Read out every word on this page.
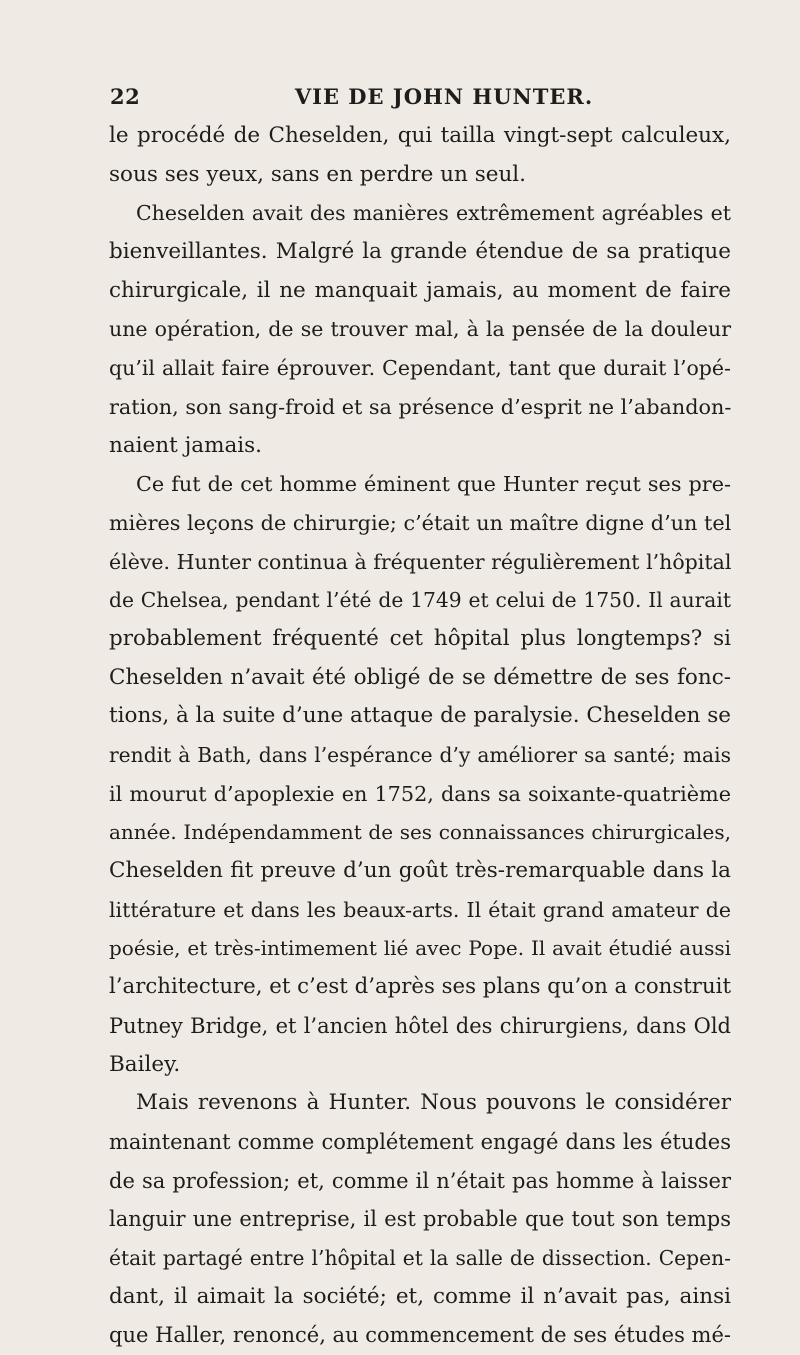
22	VIE DE JOHN HUNTER.
le procédé de Cheselden, qui tailla vingt-sept calculeux,
sous ses yeux, sans en perdre un seul.
Cheselden avait des manières extrêmement agréables et
bienveillantes. Malgré la grande étendue de sa pratique
chirurgicale, il ne manquait jamais, au moment de faire
une opération, de se trouver mal, à la pensée de la douleur
qu’il allait faire éprouver. Cependant, tant que durait l’opé-
ration, son sang-froid et sa présence d’esprit ne l’abandon-
naient jamais.
Ce fut de cet homme éminent que Hunter reçut ses pre-
mières leçons de chirurgie; c’était un maître digne d’un tel
élève. Hunter continua à fréquenter régulièrement l’hôpital
de Chelsea, pendant l’été de 1749 et celui de 1750. Il aurait
probablement fréquenté cet hôpital plus longtemps? si
Cheselden n’avait été obligé de se démettre de ses fonc-
tions, à la suite d’une attaque de paralysie. Cheselden se
rendit à Bath, dans l’espérance d’y améliorer sa santé; mais
il mourut d’apoplexie en 1752, dans sa soixante-quatrième
année. Indépendamment de ses connaissances chirurgicales,
Cheselden fit preuve d’un goût très-remarquable dans la
littérature et dans les beaux-arts. Il était grand amateur de
poésie, et très-intimement lié avec Pope. Il avait étudié aussi
l’architecture, et c’est d’après ses plans qu’on a construit
Putney Bridge, et l’ancien hôtel des chirurgiens, dans Old
Bailey.
Mais revenons à Hunter. Nous pouvons le considérer
maintenant comme complétement engagé dans les études
de sa profession; et, comme il n’était pas homme à laisser
languir une entreprise, il est probable que tout son temps
était partagé entre l’hôpital et la salle de dissection. Cepen-
dant, il aimait la société; et, comme il n’avait pas, ainsi
que Haller, renoncé, au commencement de ses études mé-
